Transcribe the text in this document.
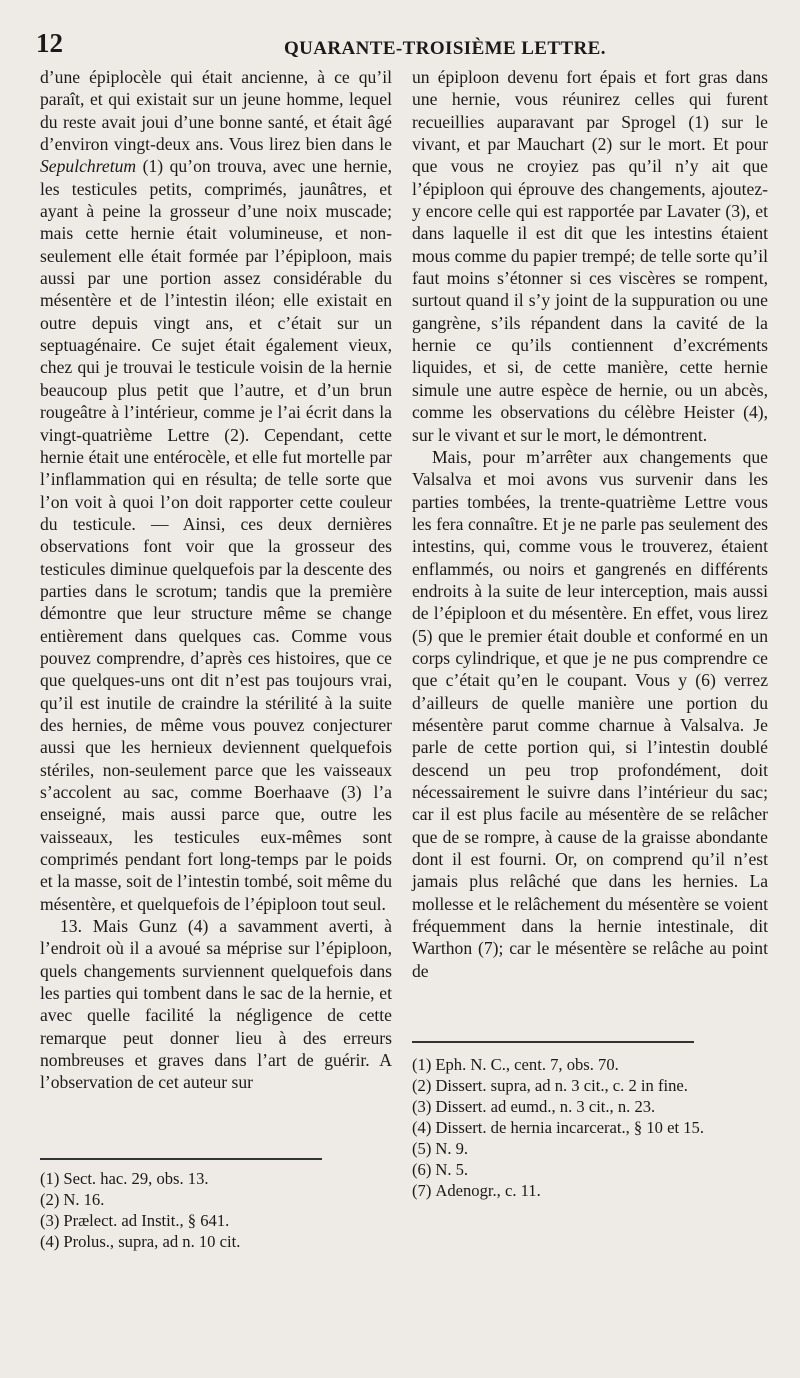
12	QUARANTE-TROISIÈME LETTRE.

d’une épiplocèle qui était ancienne, à ce qu’il paraît, et qui existait sur un jeune homme, lequel du reste avait joui d’une bonne santé, et était âgé d’environ vingt-deux ans. Vous lirez bien dans le Sepulchretum (1) qu’on trouva, avec une hernie, les testicules petits, comprimés, jaunâtres, et ayant à peine la grosseur d’une noix muscade; mais cette hernie était volumineuse, et non-seulement elle était formée par l’épiploon, mais aussi par une portion assez considérable du mésentère et de l’intestin iléon; elle existait en outre depuis vingt ans, et c’était sur un septuagénaire. Ce sujet était également vieux, chez qui je trouvai le testicule voisin de la hernie beaucoup plus petit que l’autre, et d’un brun rougeâtre à l’intérieur, comme je l’ai écrit dans la vingt-quatrième Lettre (2). Cependant, cette hernie était une entérocèle, et elle fut mortelle par l’inflammation qui en résulta; de telle sorte que l’on voit à quoi l’on doit rapporter cette couleur du testicule. — Ainsi, ces deux dernières observations font voir que la grosseur des testicules diminue quelquefois par la descente des parties dans le scrotum; tandis que la première démontre que leur structure même se change entièrement dans quelques cas. Comme vous pouvez comprendre, d’après ces histoires, que ce que quelques-uns ont dit n’est pas toujours vrai, qu’il est inutile de craindre la stérilité à la suite des hernies, de même vous pouvez conjecturer aussi que les hernieux deviennent quelquefois stériles, non-seulement parce que les vaisseaux s’accolent au sac, comme Boerhaave (3) l’a enseigné, mais aussi parce que, outre les vaisseaux, les testicules eux-mêmes sont comprimés pendant fort long-temps par le poids et la masse, soit de l’intestin tombé, soit même du mésentère, et quelquefois de l’épiploon tout seul.

13. Mais Gunz (4) a savamment averti, à l’endroit où il a avoué sa méprise sur l’épiploon, quels changements surviennent quelquefois dans les parties qui tombent dans le sac de la hernie, et avec quelle facilité la négligence de cette remarque peut donner lieu à des erreurs nombreuses et graves dans l’art de guérir. A l’observation de cet auteur sur

un épiploon devenu fort épais et fort gras dans une hernie, vous réunirez celles qui furent recueillies auparavant par Sprogel (1) sur le vivant, et par Mauchart (2) sur le mort. Et pour que vous ne croyiez pas qu’il n’y ait que l’épiploon qui éprouve des changements, ajoutez-y encore celle qui est rapportée par Lavater (3), et dans laquelle il est dit que les intestins étaient mous comme du papier trempé; de telle sorte qu’il faut moins s’étonner si ces viscères se rompent, surtout quand il s’y joint de la suppuration ou une gangrène, s’ils répandent dans la cavité de la hernie ce qu’ils contiennent d’excréments liquides, et si, de cette manière, cette hernie simule une autre espèce de hernie, ou un abcès, comme les observations du célèbre Heister (4), sur le vivant et sur le mort, le démontrent.

Mais, pour m’arrêter aux changements que Valsalva et moi avons vus survenir dans les parties tombées, la trente-quatrième Lettre vous les fera connaître. Et je ne parle pas seulement des intestins, qui, comme vous le trouverez, étaient enflammés, ou noirs et gangrenés en différents endroits à la suite de leur interception, mais aussi de l’épiploon et du mésentère. En effet, vous lirez (5) que le premier était double et conformé en un corps cylindrique, et que je ne pus comprendre ce que c’était qu’en le coupant. Vous y (6) verrez d’ailleurs de quelle manière une portion du mésentère parut comme charnue à Valsalva. Je parle de cette portion qui, si l’intestin doublé descend un peu trop profondément, doit nécessairement le suivre dans l’intérieur du sac; car il est plus facile au mésentère de se relâcher que de se rompre, à cause de la graisse abondante dont il est fourni. Or, on comprend qu’il n’est jamais plus relâché que dans les hernies. La mollesse et le relâchement du mésentère se voient fréquemment dans la hernie intestinale, dit Warthon (7); car le mésentère se relâche au point de

(1) Sect. hac. 29, obs. 13.
(2) N. 16.
(3) Prælect. ad Instit., § 641.
(4) Prolus., supra, ad n. 10 cit.
(1) Eph. N. C., cent. 7, obs. 70.
(2) Dissert. supra, ad n. 3 cit., c. 2 in fine.
(3) Dissert. ad eumd., n. 3 cit., n. 23.
(4) Dissert. de hernia incarcerat., § 10 et 15.
(5) N. 9.
(6) N. 5.
(7) Adenogr., c. 11.
